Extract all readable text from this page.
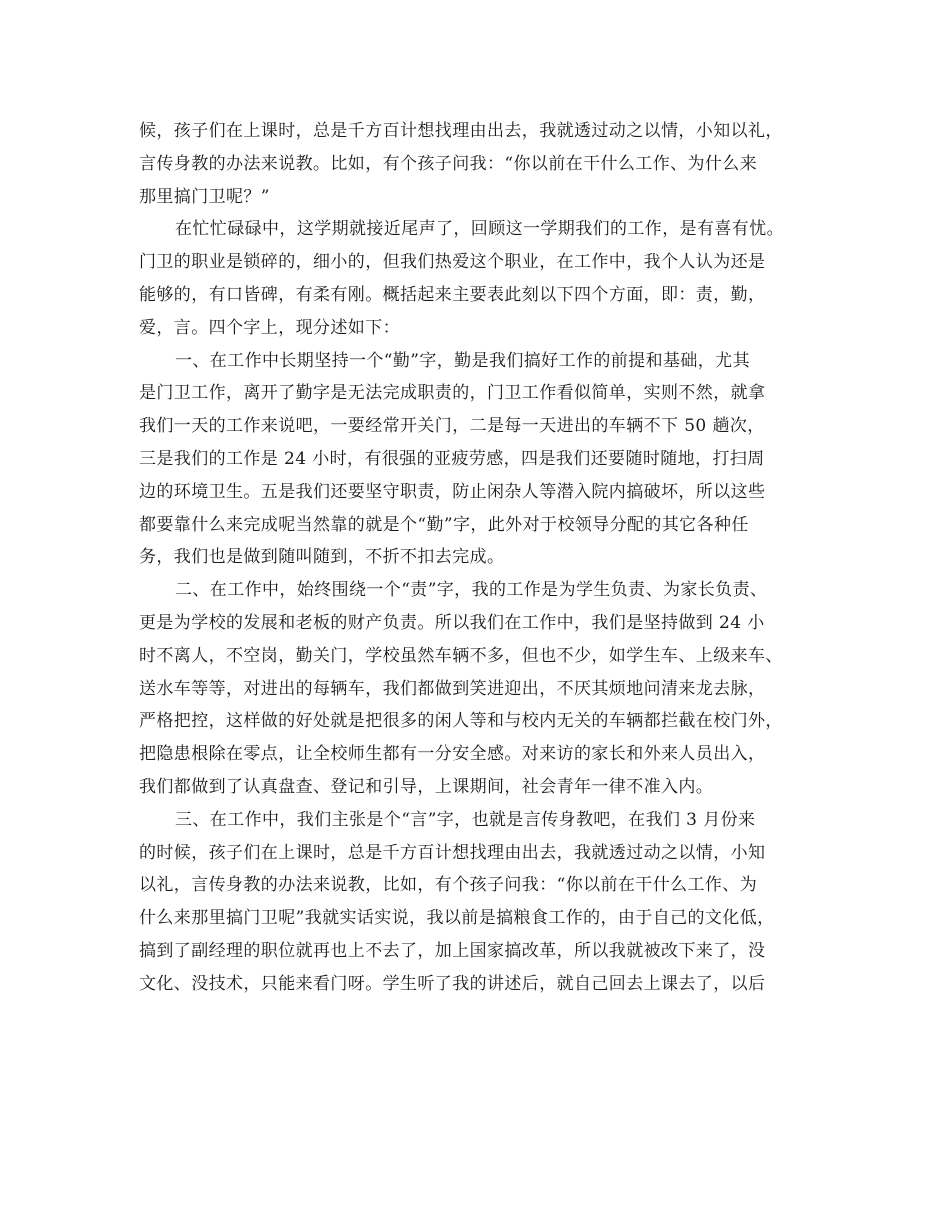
候，孩子们在上课时，总是千方百计想找理由出去，我就透过动之以情，小知以礼，
言传身教的办法来说教。比如，有个孩子问我：“你以前在干什么工作、为什么来
那里搞门卫呢？”
在忙忙碌碌中，这学期就接近尾声了，回顾这一学期我们的工作，是有喜有忧。
门卫的职业是锁碎的，细小的，但我们热爱这个职业，在工作中，我个人认为还是
能够的，有口皆碑，有柔有刚。概括起来主要表此刻以下四个方面，即：责，勤，
爱，言。四个字上，现分述如下：
一、在工作中长期坚持一个“勤”字，勤是我们搞好工作的前提和基础，尤其
是门卫工作，离开了勤字是无法完成职责的，门卫工作看似简单，实则不然，就拿
我们一天的工作来说吧，一要经常开关门，二是每一天进出的车辆不下 50 趟次，
三是我们的工作是 24 小时，有很强的亚疲劳感，四是我们还要随时随地，打扫周
边的环境卫生。五是我们还要坚守职责，防止闲杂人等潜入院内搞破坏，所以这些
都要靠什么来完成呢当然靠的就是个“勤”字，此外对于校领导分配的其它各种任
务，我们也是做到随叫随到，不折不扣去完成。
二、在工作中，始终围绕一个“责”字，我的工作是为学生负责、为家长负责、
更是为学校的发展和老板的财产负责。所以我们在工作中，我们是坚持做到 24 小
时不离人，不空岗，勤关门，学校虽然车辆不多，但也不少，如学生车、上级来车、
送水车等等，对进出的每辆车，我们都做到笑进迎出，不厌其烦地问清来龙去脉，
严格把控，这样做的好处就是把很多的闲人等和与校内无关的车辆都拦截在校门外，
把隐患根除在零点，让全校师生都有一分安全感。对来访的家长和外来人员出入，
我们都做到了认真盘查、登记和引导，上课期间，社会青年一律不准入内。
三、在工作中，我们主张是个“言”字，也就是言传身教吧，在我们 3 月份来
的时候，孩子们在上课时，总是千方百计想找理由出去，我就透过动之以情，小知
以礼，言传身教的办法来说教，比如，有个孩子问我：“你以前在干什么工作、为
什么来那里搞门卫呢”我就实话实说，我以前是搞粮食工作的，由于自己的文化低，
搞到了副经理的职位就再也上不去了，加上国家搞改革，所以我就被改下来了，没
文化、没技术，只能来看门呀。学生听了我的讲述后，就自己回去上课去了，以后
